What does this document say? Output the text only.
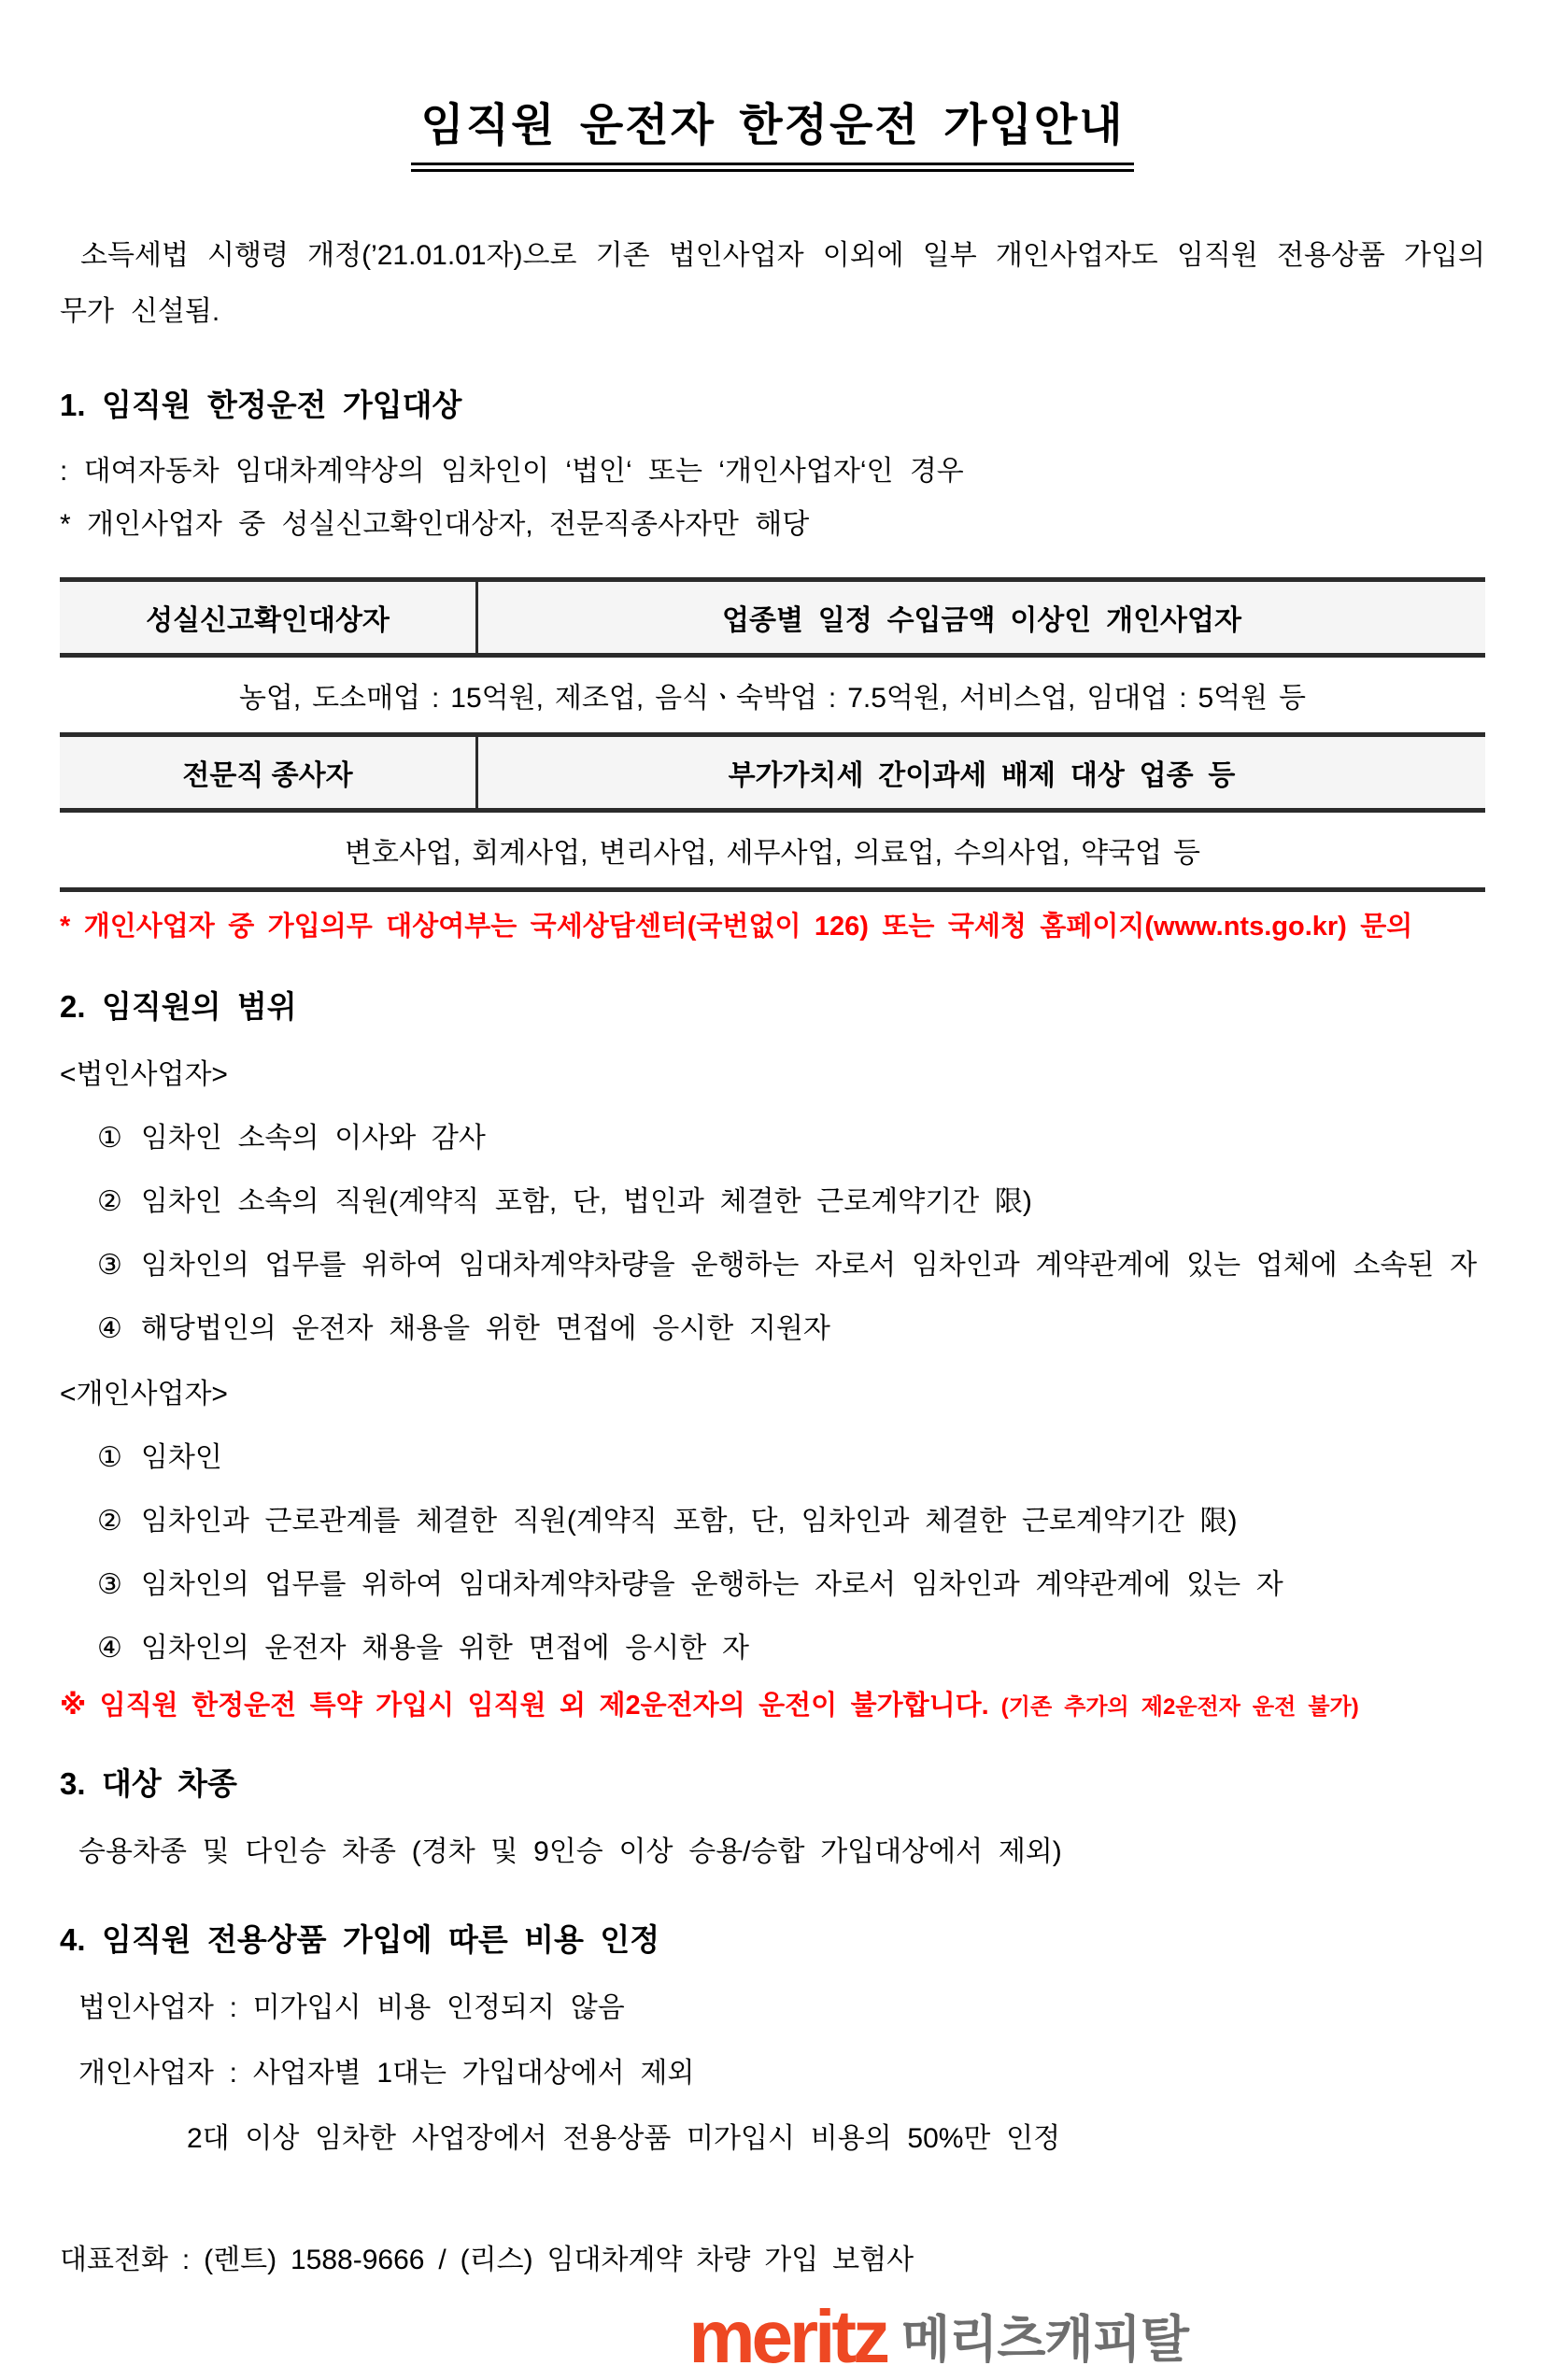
임직원 운전자 한정운전 가입안내

소득세법 시행령 개정(’21.01.01자)으로 기존 법인사업자 이외에 일부 개인사업자도 임직원 전용상품 가입의무가 신설됨.

1. 임직원 한정운전 가입대상
: 대여자동차 임대차계약상의 임차인이 ‘법인‘ 또는 ‘개인사업자‘인 경우
* 개인사업자 중 성실신고확인대상자, 전문직종사자만 해당
성실신고확인대상자	업종별 일정 수입금액 이상인 개인사업자
농업, 도소매업 : 15억원, 제조업, 음식ㆍ숙박업 : 7.5억원, 서비스업, 임대업 : 5억원 등
전문직 종사자	부가가치세 간이과세 배제 대상 업종 등
변호사업, 회계사업, 변리사업, 세무사업, 의료업, 수의사업, 약국업 등
* 개인사업자 중 가입의무 대상여부는 국세상담센터(국번없이 126) 또는 국세청 홈페이지(www.nts.go.kr) 문의
2. 임직원의 범위
<법인사업자>
① 임차인 소속의 이사와 감사
② 임차인 소속의 직원(계약직 포함, 단, 법인과 체결한 근로계약기간 限)
③ 임차인의 업무를 위하여 임대차계약차량을 운행하는 자로서 임차인과 계약관계에 있는 업체에 소속된 자
④ 해당법인의 운전자 채용을 위한 면접에 응시한 지원자
<개인사업자>
① 임차인
② 임차인과 근로관계를 체결한 직원(계약직 포함, 단, 임차인과 체결한 근로계약기간 限)
③ 임차인의 업무를 위하여 임대차계약차량을 운행하는 자로서 임차인과 계약관계에 있는 자
④ 임차인의 운전자 채용을 위한 면접에 응시한 자
※ 임직원 한정운전 특약 가입시 임직원 외 제2운전자의 운전이 불가합니다. (기존 추가의 제2운전자 운전 불가)
3. 대상 차종
승용차종 및 다인승 차종 (경차 및 9인승 이상 승용/승합 가입대상에서 제외)
4. 임직원 전용상품 가입에 따른 비용 인정
법인사업자 : 미가입시 비용 인정되지 않음
개인사업자 : 사업자별 1대는 가입대상에서 제외
2대 이상 임차한 사업장에서 전용상품 미가입시 비용의 50%만 인정
대표전화 : (렌트) 1588-9666 / (리스) 임대차계약 차량 가입 보험사
meritz 메리츠캐피탈
